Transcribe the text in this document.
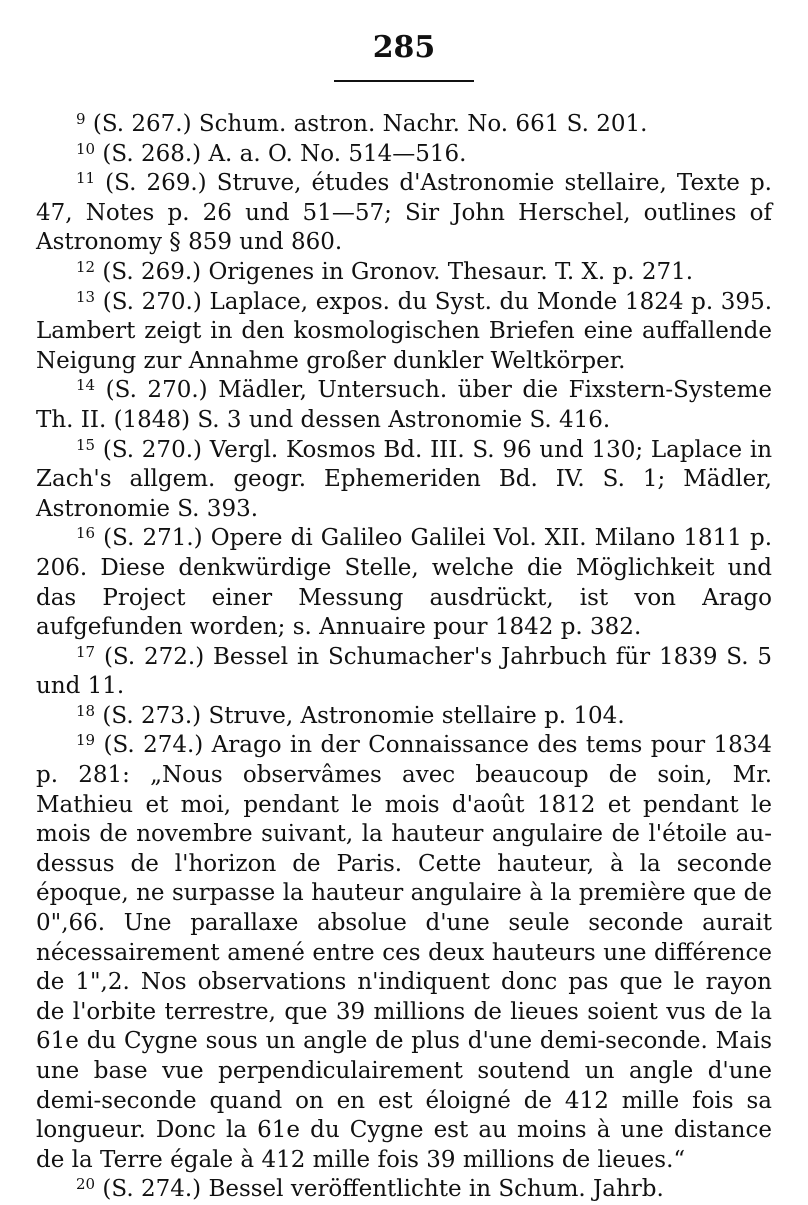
285

$^9$ (S. 267.) Schum. astron. Nachr. No. 661 S. 201.

$^{10}$ (S. 268.) A. a. O. No. 514—516.

$^{11}$ (S. 269.) Struve, études d'Astronomie stellaire, Texte p. 47, Notes p. 26 und 51—57; Sir John Herschel, outlines of Astronomy § 859 und 860.

$^{12}$ (S. 269.) Origenes in Gronov. Thesaur. T. X. p. 271.

$^{13}$ (S. 270.) Laplace, expos. du Syst. du Monde 1824 p. 395. Lambert zeigt in den kosmologischen Briefen eine auffallende Neigung zur Annahme großer dunkler Weltkörper.

$^{14}$ (S. 270.) Mädler, Untersuch. über die Fixstern-Systeme Th. II. (1848) S. 3 und dessen Astronomie S. 416.

$^{15}$ (S. 270.) Vergl. Kosmos Bd. III. S. 96 und 130; Laplace in Zach's allgem. geogr. Ephemeriden Bd. IV. S. 1; Mädler, Astronomie S. 393.

$^{16}$ (S. 271.) Opere di Galileo Galilei Vol. XII. Milano 1811 p. 206. Diese denkwürdige Stelle, welche die Möglichkeit und das Project einer Messung ausdrückt, ist von Arago aufgefunden worden; s. Annuaire pour 1842 p. 382.

$^{17}$ (S. 272.) Bessel in Schumacher's Jahrbuch für 1839 S. 5 und 11.

$^{18}$ (S. 273.) Struve, Astronomie stellaire p. 104.

$^{19}$ (S. 274.) Arago in der Connaissance des tems pour 1834 p. 281: „Nous observâmes avec beaucoup de soin, Mr. Mathieu et moi, pendant le mois d'août 1812 et pendant le mois de novembre suivant, la hauteur angulaire de l'étoile au-dessus de l'horizon de Paris. Cette hauteur, à la seconde époque, ne surpasse la hauteur angulaire à la première que de 0",66. Une parallaxe absolue d'une seule seconde aurait nécessairement amené entre ces deux hauteurs une différence de 1",2. Nos observations n'indiquent donc pas que le rayon de l'orbite terrestre, que 39 millions de lieues soient vus de la 61e du Cygne sous un angle de plus d'une demi-seconde. Mais une base vue perpendiculairement soutend un angle d'une demi-seconde quand on en est éloigné de 412 mille fois sa longueur. Donc la 61e du Cygne est au moins à une distance de la Terre égale à 412 mille fois 39 millions de lieues.“

$^{20}$ (S. 274.) Bessel veröffentlichte in Schum. Jahrb.
